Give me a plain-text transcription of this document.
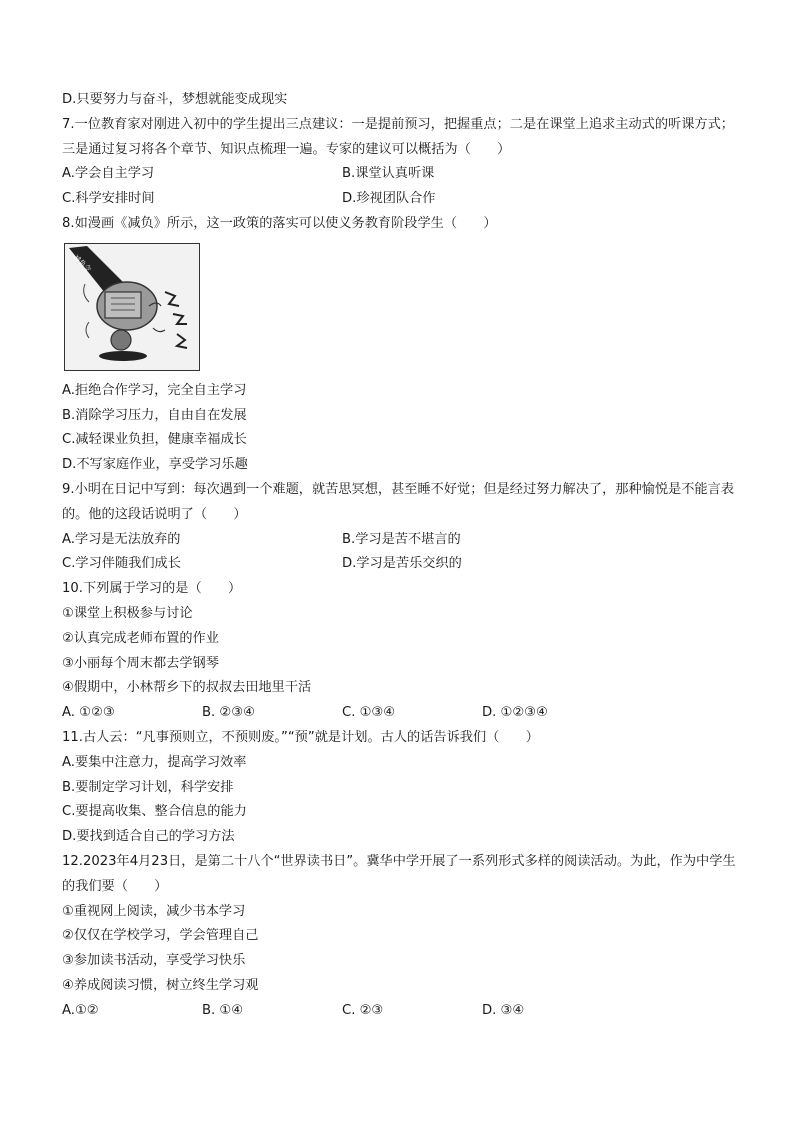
D.只要努力与奋斗，梦想就能变成现实
7.一位教育家对刚进入初中的学生提出三点建议：一是提前预习，把握重点；二是在课堂上追求主动式的听课方式；三是通过复习将各个章节、知识点梳理一遍。专家的建议可以概括为（　　）
A.学会自主学习	B.课堂认真听课
C.科学安排时间	D.珍视团队合作
8.如漫画《减负》所示，这一政策的落实可以使义务教育阶段学生（　　）
减负令
A.拒绝合作学习，完全自主学习
B.消除学习压力，自由自在发展
C.减轻课业负担，健康幸福成长
D.不写家庭作业，享受学习乐趣
9.小明在日记中写到：每次遇到一个难题，就苦思冥想，甚至睡不好觉；但是经过努力解决了，那种愉悦是不能言表的。他的这段话说明了（　　）
A.学习是无法放弃的	B.学习是苦不堪言的
C.学习伴随我们成长	D.学习是苦乐交织的
10.下列属于学习的是（　　）
①课堂上积极参与讨论
②认真完成老师布置的作业
③小丽每个周末都去学钢琴
④假期中，小林帮乡下的叔叔去田地里干活
A. ①②③	B. ②③④	C. ①③④	D. ①②③④
11.古人云：“凡事预则立，不预则废。”“预”就是计划。古人的话告诉我们（　　）
A.要集中注意力，提高学习效率
B.要制定学习计划，科学安排
C.要提高收集、整合信息的能力
D.要找到适合自己的学习方法
12.2023年4月23日，是第二十八个“世界读书日”。冀华中学开展了一系列形式多样的阅读活动。为此，作为中学生的我们要（　　）
①重视网上阅读，减少书本学习
②仅仅在学校学习，学会管理自己
③参加读书活动，享受学习快乐
④养成阅读习惯，树立终生学习观
A.①②	B. ①④	C. ②③	D. ③④
